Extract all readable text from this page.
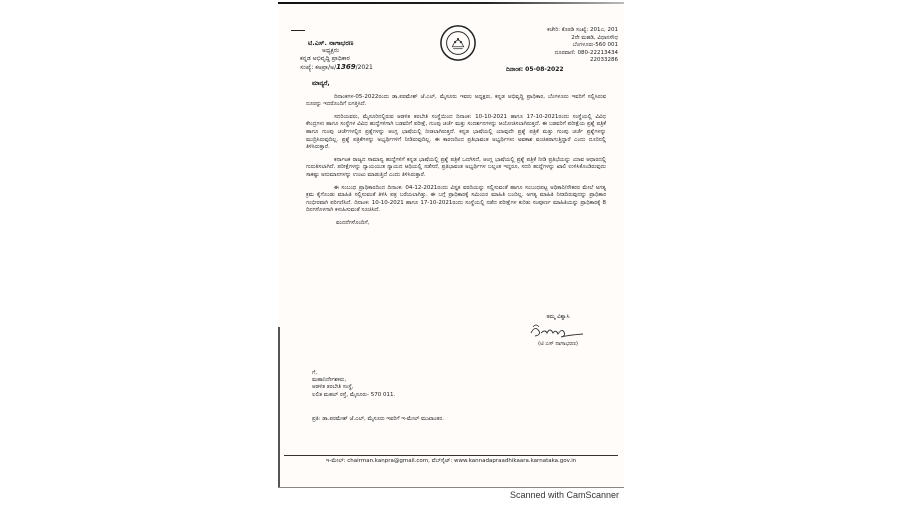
ಟಿ.ಎಸ್. ನಾಗಾಭರಣ
ಅಧ್ಯಕ್ಷರು
ಕನ್ನಡ ಅಭಿವೃದ್ಧಿ ಪ್ರಾಧಿಕಾರ
ಸಂಖ್ಯೆ: ಕಅಪ್ರಾ/ಅ/1369/2021
ಕಚೇರಿ: ಕೊಠಡಿ ಸಂಖ್ಯೆ: 201ಎ, 201
2ನೇ ಮಹಡಿ, ವಿಧಾನಸೌಧ
ಬೆಂಗಳೂರು-560 001
ದೂರವಾಣಿ: 080-22213434
22033286
ದಿನಾಂಕ: 05-08-2022
ಮಾನ್ಯರೆ,
ದಿನಾಂಕಗಳ-05-2022ರಂದು ಡಾ.ಪರಮೇಶ್ ಜೆ.ಎಲ್, ಮೈಸೂರು ಇವರು ಅಧ್ಯಕ್ಷರು, ಕನ್ನಡ ಅಭಿವೃದ್ಧಿ ಪ್ರಾಧಿಕಾರ, ಬೆಂಗಳೂರು ಇವರಿಗೆ ಸಲ್ಲಿಸಿರುವ ದೂರನ್ನು ಇದರೊಂದಿಗೆ ಲಗತ್ತಿಸಿದೆ.
ಸದರಿಯವರು, ಮೈಸೂರಿನಲ್ಲಿರುವ ಆಡಳಿತ ತರಬೇತಿ ಸಂಸ್ಥೆಯಿಂದ ದಿನಾಂಕ: 10-10-2021 ಹಾಗೂ 17-10-2021ರಂದು ಸಂಸ್ಥೆಯಲ್ಲಿ ವಿವಿಧ ಕೇಂದ್ರಗಳು ಹಾಗೂ ಸಂಸ್ಥೆಗಳ ವಿವಿಧ ಹುದ್ದೆಗಳಿಗಾಗಿ ಬಡವರಿಗೆ ಪರೀಕ್ಷೆ, ಗುಂಪು ಚರ್ಚೆ ಮತ್ತು ಸಂದರ್ಶನಗಳನ್ನು ಆಯೋಜಿಸಲಾಗಿರುತ್ತದೆ. ಈ ಬಡವರಿಗೆ ಪರೀಕ್ಷೆಯ ಪ್ರಶ್ನೆ ಪತ್ರಿಕೆ ಹಾಗೂ ಗುಂಪು ಚರ್ಚೆಗಳಲ್ಲಿನ ಪ್ರಶ್ನೆಗಳನ್ನು ಆಂಗ್ಲ ಭಾಷೆಯಲ್ಲಿ ನೀಡಲಾಗಿರುತ್ತದೆ. ಕನ್ನಡ ಭಾಷೆಯಲ್ಲಿ ಯಾವುದೇ ಪ್ರಶ್ನೆ ಪತ್ರಿಕೆ ಮತ್ತು ಗುಂಪು ಚರ್ಚೆ ಪ್ರಶ್ನೆಗಳನ್ನು ಮುದ್ರಿಸಿರುವುದಿಲ್ಲ. ಪ್ರಶ್ನೆ ಪತ್ರಿಕೆಗಳನ್ನು ಅಭ್ಯರ್ಥಿಗಳಿಗೆ ನೀಡಿರುವುದಿಲ್ಲ. ಈ ಕಾರಣದಿಂದ ಪ್ರತಿಭಾವಂತ ಅಭ್ಯರ್ಥಿಗಳು ಅವಕಾಶ ವಂಚಿತರಾಗುತ್ತಿದ್ದಾರೆ ಎಂದು ದೂರಿನಲ್ಲಿ ತಿಳಿಸಿರುತ್ತಾರೆ.
ಕರ್ನಾಟಕ ರಾಜ್ಯದ ಸಾಮಾನ್ಯ ಹುದ್ದೆಗಳಿಗೆ ಕನ್ನಡ ಭಾಷೆಯಲ್ಲಿ ಪ್ರಶ್ನೆ ಪತ್ರಿಕೆ ಒದಗಿಸದೆ, ಆಂಗ್ಲ ಭಾಷೆಯಲ್ಲಿ ಪ್ರಶ್ನೆ ಪತ್ರಿಕೆ ನೀಡಿ ಪ್ರತಿಭೆಯನ್ನು ಯಾವ ಆಧಾರದಲ್ಲಿ ಗುರುತಿಸಲಾಗಿದೆ. ಪರೀಕ್ಷೆಗಳನ್ನು ನ್ಯಾಯಯುತ ನ್ಯಾಯದ ಆಧಿಯಲ್ಲಿ ನಡೆಸದೆ, ಪ್ರತಿಭಾವಂತ ಅಭ್ಯರ್ಥಿಗಳ ಬಲ್ಲಂತ ಇದ್ದರೂ, ಸದರಿ ಹುದ್ದೆಗಳನ್ನು ಖಾಲಿ ಉಳಿಸಿಕೊಂಡಿರುವುದು ಸಾಕಷ್ಟು ಅನುಮಾನಗಳನ್ನು ಉಂಟು ಮಾಡುತ್ತಿದೆ ಎಂದು ತಿಳಿಸಿರುತ್ತಾರೆ.
ಈ ಸಂಬಂಧ ಪ್ರಾಧಿಕಾರದಿಂದ ದಿನಾಂಕ: 04-12-2021ರಂದು ವಿಸ್ತೃತ ವರದಿಯನ್ನು ಸಲ್ಲಿಸುವಂತೆ ಹಾಗೂ ಸಂಬಂಧಪಟ್ಟ ಅಧಿಕಾರಿ/ನೌಕರರ ಮೇಲೆ ಅಗತ್ಯ ಕ್ರಮ ಕೈಗೊಂಡು ಮಾಹಿತಿ ಸಲ್ಲಿಸುವಂತೆ ತಿಳಿಸಿ ಪತ್ರ ಬರೆಯಲಾಗಿತ್ತು. ಈ ಬಗ್ಗೆ ಪ್ರಾಧಿಕಾರಕ್ಕೆ ಸಮಿಯರ ಮಾಹಿತಿ ಬಂದಿಲ್ಲ. ಅಗತ್ಯ ಮಾಹಿತಿ ನೀಡದಿರುವುದನ್ನು ಪ್ರಾಧಿಕಾರ ಗಂಭೀರವಾಗಿ ಪರಿಗಣಿಸಿದೆ. ದಿನಾಂಕ: 10-10-2021 ಹಾಗೂ 17-10-2021ರಂದು ಸಂಸ್ಥೆಯಲ್ಲಿ ನಡೆದ ಪರೀಕ್ಷೆಗಳ ಕುರಿತು ಸಂಪೂರ್ಣ ಮಾಹಿತಿಯನ್ನು ಪ್ರಾಧಿಕಾರಕ್ಕೆ 8 ದಿನಗಳೊಳಗಾಗಿ ಕಳುಹಿಸುವಂತೆ ಸೂಚಿಸಿದೆ.
ವಂದನೆಗಳೊಂದಿಗೆ,
ತಮ್ಮ ವಿಶ್ವಾಸಿ
(ಟಿ ಎಸ್ ನಾಗಾಭರಣ)
ಗೆ,
ಮಹಾನಿರ್ದೇಶಕರು,
ಆಡಳಿತ ತರಬೇತಿ ಸಂಸ್ಥೆ,
ಲಲಿತ ಮಹಲ್ ರಸ್ತೆ, ಮೈಸೂರು- 570 011.
ಪ್ರತಿ: ಡಾ.ಪರಮೇಶ್ ಜೆ.ಎಲ್, ಮೈಸೂರು ಇವರಿಗೆ ಇ-ಮೇಲ್ ಮುಖಾಂತರ.
ಇ-ಮೇಲ್: chairman.kanpra@gmail.com, ವೆಬ್‌ಸೈಟ್: www.kannadapraadhikaara.karnataka.gov.in
Scanned with CamScanner
